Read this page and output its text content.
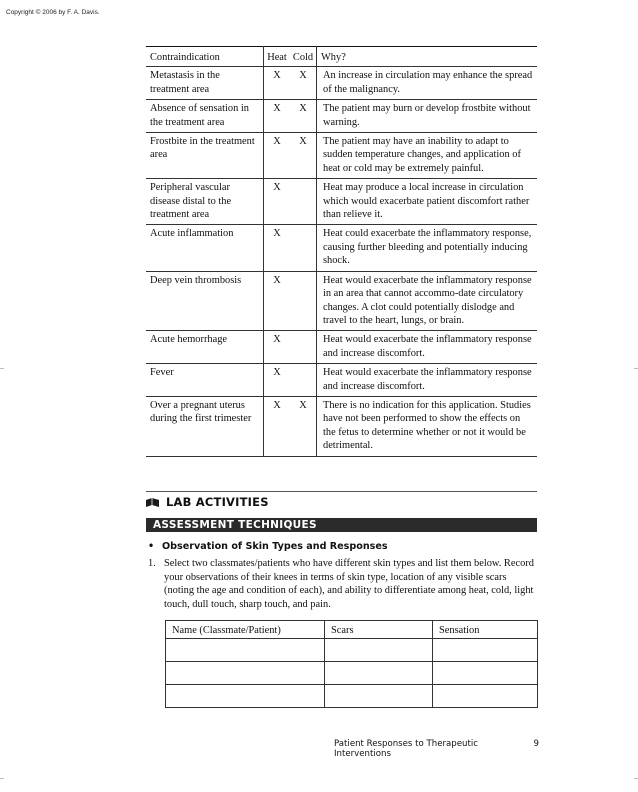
Copyright © 2006 by F. A. Davis.
Contraindication	Heat	Cold	Why?
Metastasis in the treatment area	X	X	An increase in circulation may enhance the spread of the malignancy.
Absence of sensation in the treatment area	X	X	The patient may burn or develop frostbite without warning.
Frostbite in the treatment area	X	X	The patient may have an inability to adapt to sudden temperature changes, and application of heat or cold may be extremely painful.
Peripheral vascular disease distal to the treatment area	X		Heat may produce a local increase in circulation which would exacerbate patient discomfort rather than relieve it.
Acute inflammation	X		Heat could exacerbate the inflammatory response, causing further bleeding and potentially inducing shock.
Deep vein thrombosis	X		Heat would exacerbate the inflammatory response in an area that cannot accommo-date circulatory changes. A clot could potentially dislodge and travel to the heart, lungs, or brain.
Acute hemorrhage	X		Heat would exacerbate the inflammatory response and increase discomfort.
Fever	X		Heat would exacerbate the inflammatory response and increase discomfort.
Over a pregnant uterus during the first trimester	X	X	There is no indication for this application. Studies have not been performed to show the effects on the fetus to determine whether or not it would be detrimental.
LAB ACTIVITIES
ASSESSMENT TECHNIQUES
• Observation of Skin Types and Responses
1. Select two classmates/patients who have different skin types and list them below. Record your observations of their knees in terms of skin type, location of any visible scars (noting the age and condition of each), and ability to differentiate among heat, cold, light touch, dull touch, sharp touch, and pain.
Name (Classmate/Patient)	Scars	Sensation

Patient Responses to Therapeutic Interventions
9
